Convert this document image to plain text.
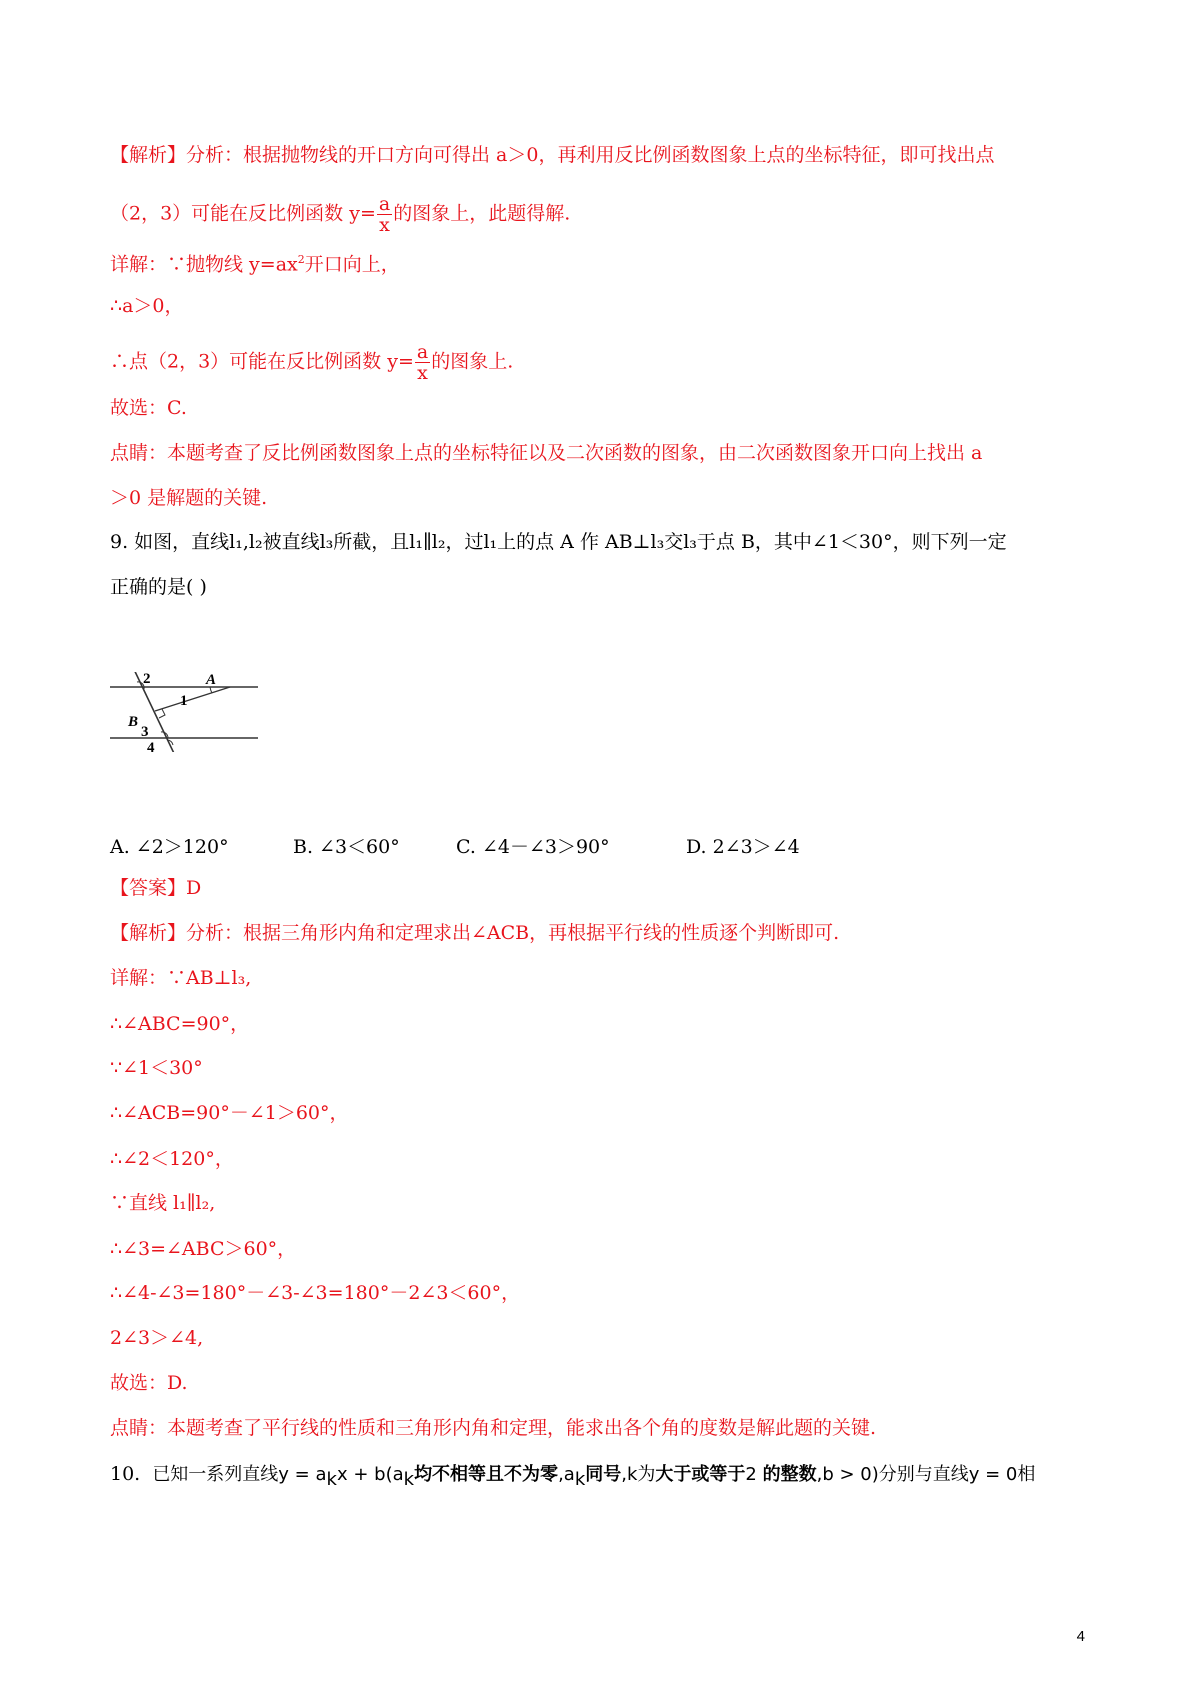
【解析】分析：根据抛物线的开口方向可得出 a＞0，再利用反比例函数图象上点的坐标特征，即可找出点
（2，3）可能在反比例函数 $y= \frac{a}{x}$ 的图象上，此题得解.
详解：∵抛物线 $y=ax^2$开口向上，
∴a＞0，
∴点（2，3）可能在反比例函数 $y= \frac{a}{x}$ 的图象上.
故选：C.
点睛：本题考查了反比例函数图象上点的坐标特征以及二次函数的图象，由二次函数图象开口向上找出 a
＞0 是解题的关键.
9. 如图，直线l₁,l₂被直线l₃所截，且l₁∥l₂，过l₁上的点 A 作 AB⊥l₃交l₃于点 B，其中∠1＜30°，则下列一定
正确的是( )
2	A
1
B
3
4
A. ∠2＞120°	B. ∠3＜60°	C. ∠4－∠3＞90°	D. 2∠3＞∠4
【答案】D
【解析】分析：根据三角形内角和定理求出∠ACB，再根据平行线的性质逐个判断即可.
详解：∵AB⊥l₃,
∴∠ABC=90°，
∵∠1＜30°
∴∠ACB=90°－∠1＞60°，
∴∠2＜120°，
∵直线 l₁∥l₂,
∴∠3=∠ABC＞60°，
∴∠4-∠3=180°－∠3-∠3=180°－2∠3＜60°，
2∠3＞∠4,
故选：D.
点睛：本题考查了平行线的性质和三角形内角和定理，能求出各个角的度数是解此题的关键.
10. 已知一系列直线$y = a_kx + b(a_k$均不相等且不为零$,a_k$同号,k为大于或等于2 的整数,b > 0)分别与直线y = 0相
4
